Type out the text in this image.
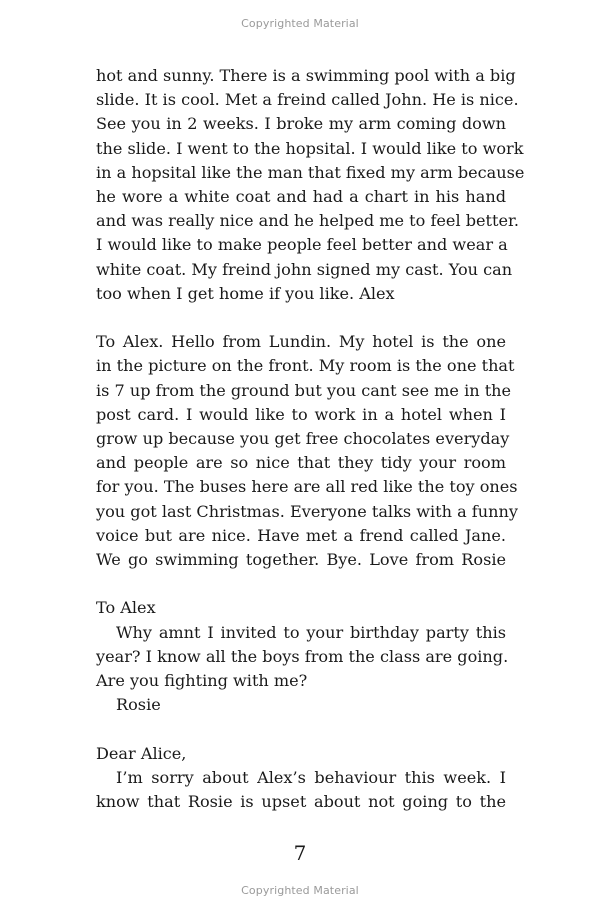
Copyrighted Material
hot and sunny. There is a swimming pool with a big
slide. It is cool. Met a freind called John. He is nice.
See you in 2 weeks. I broke my arm coming down
the slide. I went to the hopsital. I would like to work
in a hopsital like the man that fixed my arm because
he wore a white coat and had a chart in his hand
and was really nice and he helped me to feel better.
I would like to make people feel better and wear a
white coat. My freind john signed my cast. You can
too when I get home if you like. Alex
To Alex. Hello from Lundin. My hotel is the one
in the picture on the front. My room is the one that
is 7 up from the ground but you cant see me in the
post card. I would like to work in a hotel when I
grow up because you get free chocolates everyday
and people are so nice that they tidy your room
for you. The buses here are all red like the toy ones
you got last Christmas. Everyone talks with a funny
voice but are nice. Have met a frend called Jane.
We go swimming together. Bye. Love from Rosie
To Alex
Why amnt I invited to your birthday party this
year? I know all the boys from the class are going.
Are you fighting with me?
Rosie
Dear Alice,
I’m sorry about Alex’s behaviour this week. I
know that Rosie is upset about not going to the
7
Copyrighted Material
